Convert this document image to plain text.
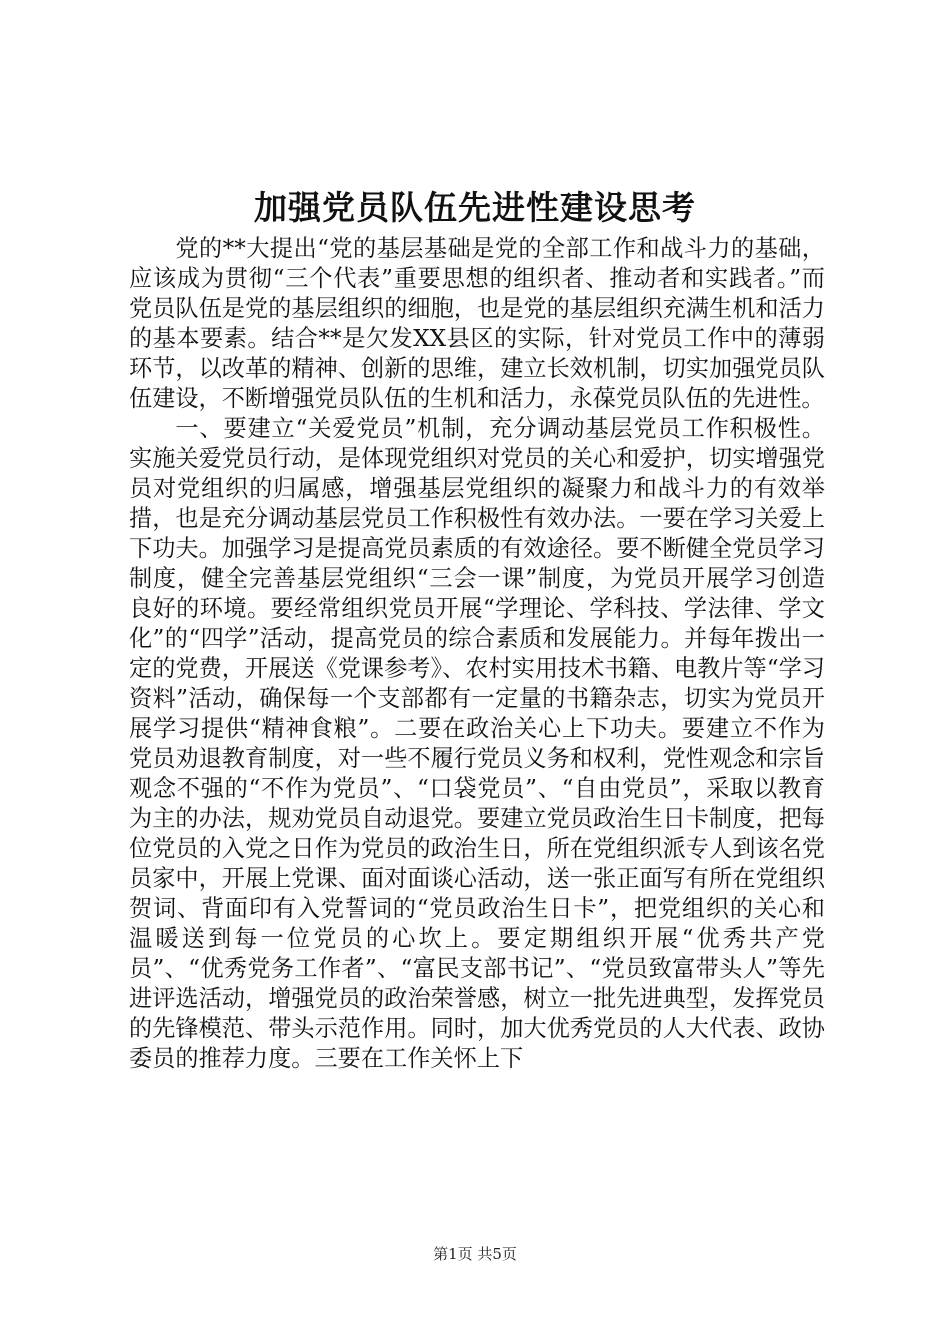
加强党员队伍先进性建设思考

党的**大提出“党的基层基础是党的全部工作和战斗力的基础，应该成为贯彻“三个代表”重要思想的组织者、推动者和实践者。”而党员队伍是党的基层组织的细胞，也是党的基层组织充满生机和活力的基本要素。结合**是欠发XX县区的实际，针对党员工作中的薄弱环节，以改革的精神、创新的思维，建立长效机制，切实加强党员队伍建设，不断增强党员队伍的生机和活力，永葆党员队伍的先进性。

一、要建立“关爱党员”机制，充分调动基层党员工作积极性。实施关爱党员行动，是体现党组织对党员的关心和爱护，切实增强党员对党组织的归属感，增强基层党组织的凝聚力和战斗力的有效举措，也是充分调动基层党员工作积极性有效办法。一要在学习关爱上下功夫。加强学习是提高党员素质的有效途径。要不断健全党员学习制度，健全完善基层党组织“三会一课”制度，为党员开展学习创造良好的环境。要经常组织党员开展“学理论、学科技、学法律、学文化”的“四学”活动，提高党员的综合素质和发展能力。并每年拨出一定的党费，开展送《党课参考》、农村实用技术书籍、电教片等“学习资料”活动，确保每一个支部都有一定量的书籍杂志，切实为党员开展学习提供“精神食粮”。二要在政治关心上下功夫。要建立不作为党员劝退教育制度，对一些不履行党员义务和权利，党性观念和宗旨观念不强的“不作为党员”、“口袋党员”、“自由党员”，采取以教育为主的办法，规劝党员自动退党。要建立党员政治生日卡制度，把每位党员的入党之日作为党员的政治生日，所在党组织派专人到该名党员家中，开展上党课、面对面谈心活动，送一张正面写有所在党组织贺词、背面印有入党誓词的“党员政治生日卡”，把党组织的关心和温暖送到每一位党员的心坎上。要定期组织开展“优秀共产党员”、“优秀党务工作者”、“富民支部书记”、“党员致富带头人”等先进评选活动，增强党员的政治荣誉感，树立一批先进典型，发挥党员的先锋模范、带头示范作用。同时，加大优秀党员的人大代表、政协委员的推荐力度。三要在工作关怀上下

第1页 共5页
